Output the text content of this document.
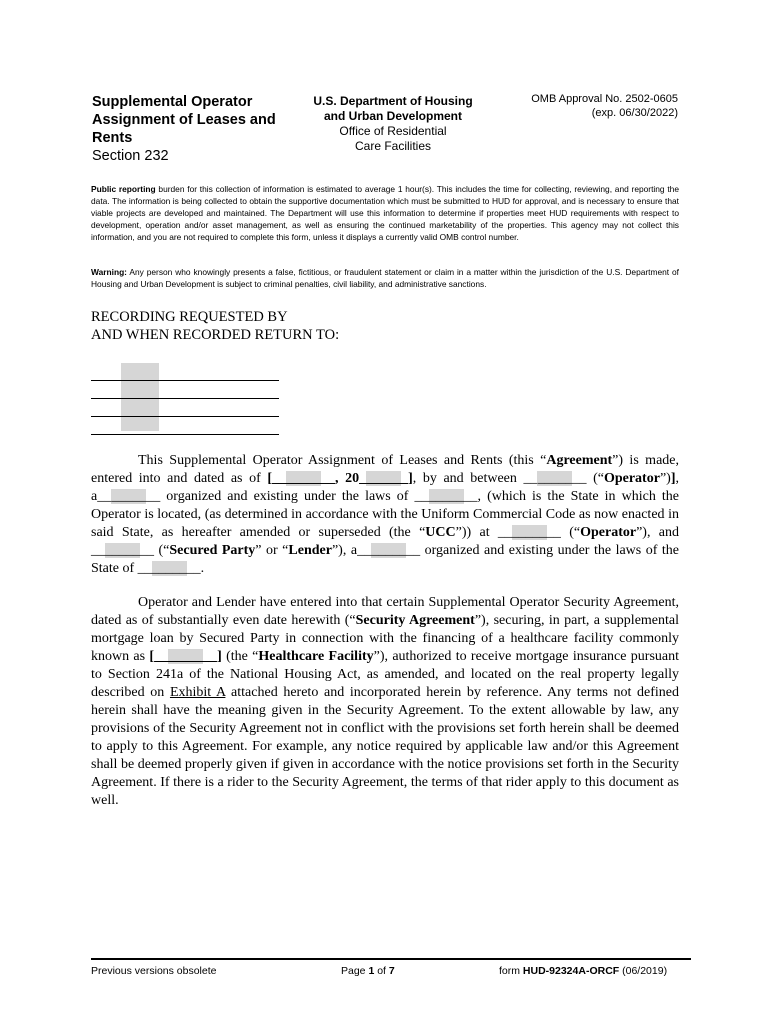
Supplemental Operator
Assignment of Leases and
Rents
Section 232
U.S. Department of Housing
and Urban Development
Office of Residential
Care Facilities
OMB Approval No. 2502-0605
(exp. 06/30/2022)
Public reporting burden for this collection of information is estimated to average 1 hour(s). This includes the time for collecting, reviewing, and reporting the data. The information is being collected to obtain the supportive documentation which must be submitted to HUD for approval, and is necessary to ensure that viable projects are developed and maintained. The Department will use this information to determine if properties meet HUD requirements with respect to development, operation and/or asset management, as well as ensuring the continued marketability of the properties. This agency may not collect this information, and you are not required to complete this form, unless it displays a currently valid OMB control number.
Warning: Any person who knowingly presents a false, fictitious, or fraudulent statement or claim in a matter within the jurisdiction of the U.S. Department of Housing and Urban Development is subject to criminal penalties, civil liability, and administrative sanctions.
RECORDING REQUESTED BY
AND WHEN RECORDED RETURN TO:
This Supplemental Operator Assignment of Leases and Rents (this “Agreement”) is made, entered into and dated as of [_________, 20_______], by and between _________ (“Operator”)], a_________ organized and existing under the laws of _________, (which is the State in which the Operator is located, (as determined in accordance with the Uniform Commercial Code as now enacted in said State, as hereafter amended or superseded (the “UCC”)) at _________ (“Operator”), and _________ (“Secured Party” or “Lender”), a_________ organized and existing under the laws of the State of _________.
Operator and Lender have entered into that certain Supplemental Operator Security Agreement, dated as of substantially even date herewith (“Security Agreement”), securing, in part, a supplemental mortgage loan by Secured Party in connection with the financing of a healthcare facility commonly known as [_________] (the “Healthcare Facility”), authorized to receive mortgage insurance pursuant to Section 241a of the National Housing Act, as amended, and located on the real property legally described on Exhibit A attached hereto and incorporated herein by reference. Any terms not defined herein shall have the meaning given in the Security Agreement. To the extent allowable by law, any provisions of the Security Agreement not in conflict with the provisions set forth herein shall be deemed to apply to this Agreement. For example, any notice required by applicable law and/or this Agreement shall be deemed properly given if given in accordance with the notice provisions set forth in the Security Agreement. If there is a rider to the Security Agreement, the terms of that rider apply to this document as well.
Previous versions obsolete	Page 1 of 7	form HUD-92324A-ORCF (06/2019)
